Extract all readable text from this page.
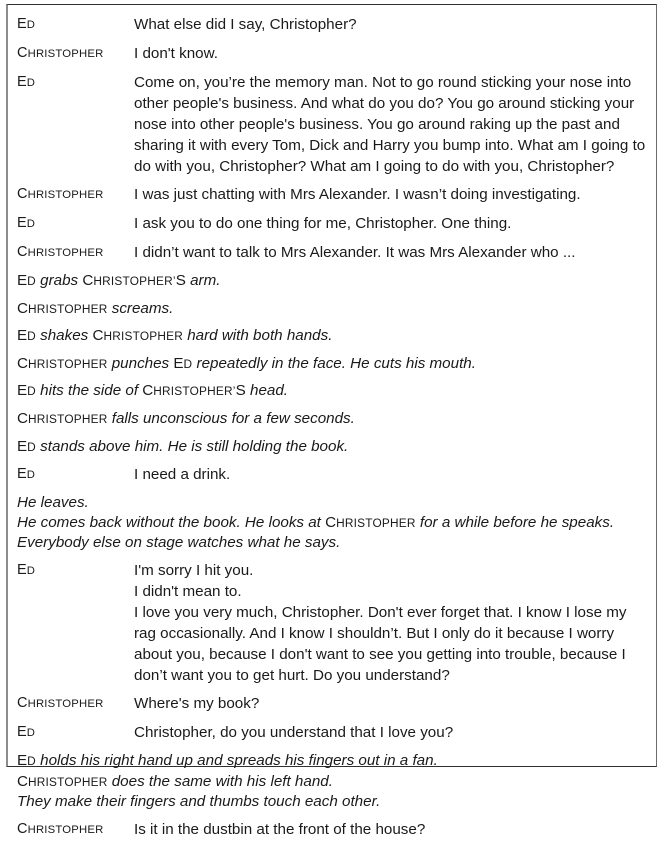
ED	What else did I say, Christopher?

CHRISTOPHER	I don't know.

ED	Come on, you’re the memory man. Not to go round sticking your nose into other people's business. And what do you do? You go around sticking your nose into other people's business. You go around raking up the past and sharing it with every Tom, Dick and Harry you bump into. What am I going to do with you, Christopher? What am I going to do with you, Christopher?

CHRISTOPHER	I was just chatting with Mrs Alexander. I wasn’t doing investigating.

ED	I ask you to do one thing for me, Christopher. One thing.

CHRISTOPHER	I didn’t want to talk to Mrs Alexander. It was Mrs Alexander who ...

ED grabs CHRISTOPHER’S arm.
CHRISTOPHER screams.
ED shakes CHRISTOPHER hard with both hands.
CHRISTOPHER punches ED repeatedly in the face. He cuts his mouth.
ED hits the side of CHRISTOPHER’S head.
CHRISTOPHER falls unconscious for a few seconds.
ED stands above him. He is still holding the book.
ED	I need a drink.

He leaves.
He comes back without the book. He looks at CHRISTOPHER for a while before he speaks.
Everybody else on stage watches what he says.
ED	I'm sorry I hit you.

I didn't mean to.

I love you very much, Christopher. Don't ever forget that. I know I lose my rag occasionally. And I know I shouldn’t. But I only do it because I worry about you, because I don't want to see you getting into trouble, because I don’t want you to get hurt. Do you understand?

CHRISTOPHER	Where's my book?

ED	Christopher, do you understand that I love you?

ED holds his right hand up and spreads his fingers out in a fan.
CHRISTOPHER does the same with his left hand.
They make their fingers and thumbs touch each other.
CHRISTOPHER	Is it in the dustbin at the front of the house?
